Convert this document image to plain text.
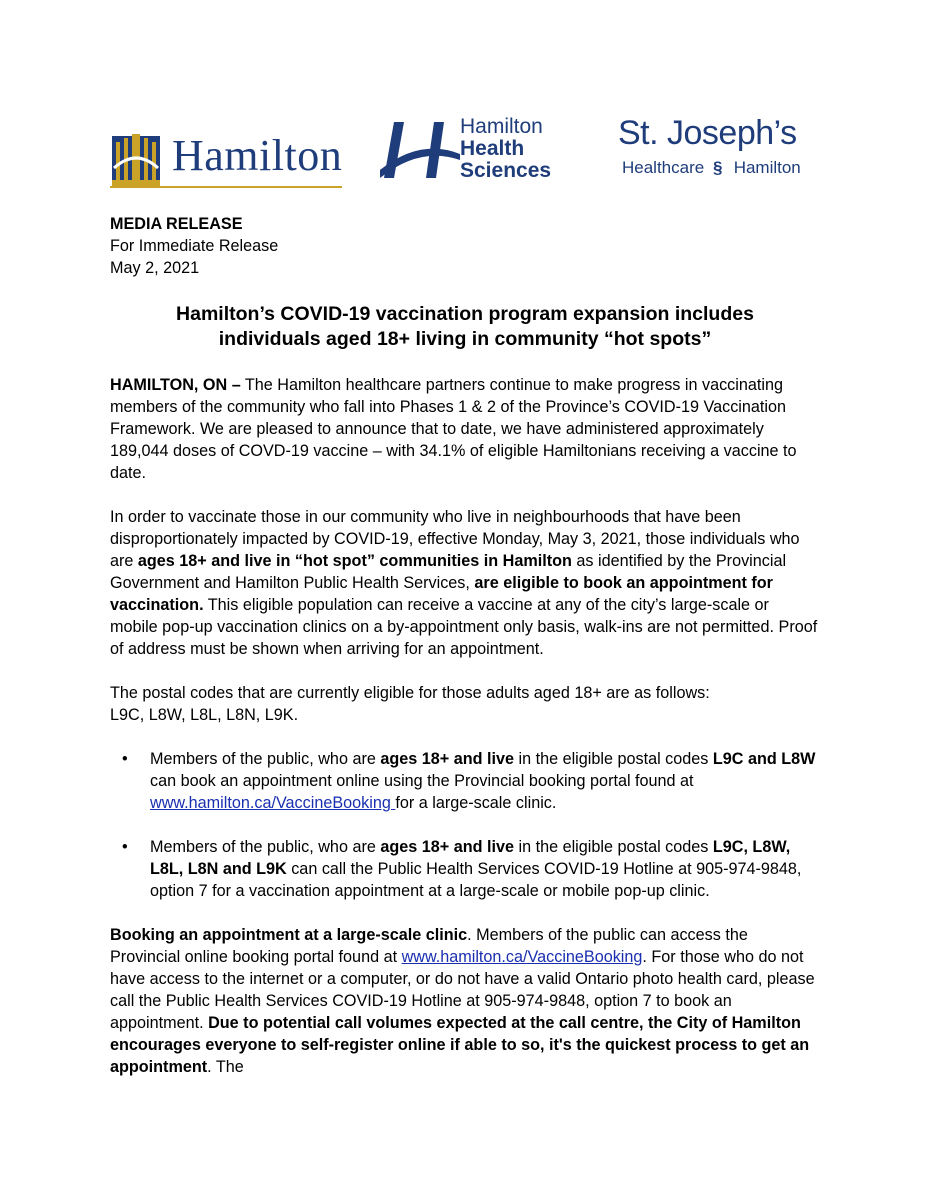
Hamilton
Hamilton
Health
Sciences
St. Joseph’s
Healthcare § Hamilton
MEDIA RELEASE
For Immediate Release
May 2, 2021
Hamilton’s COVID-19 vaccination program expansion includes
individuals aged 18+ living in community “hot spots”

HAMILTON, ON – The Hamilton healthcare partners continue to make progress in vaccinating members of the community who fall into Phases 1 & 2 of the Province’s COVID-19 Vaccination Framework. We are pleased to announce that to date, we have administered approximately 189,044 doses of COVD-19 vaccine – with 34.1% of eligible Hamiltonians receiving a vaccine to date.

In order to vaccinate those in our community who live in neighbourhoods that have been disproportionately impacted by COVID-19, effective Monday, May 3, 2021, those individuals who are ages 18+ and live in “hot spot” communities in Hamilton as identified by the Provincial Government and Hamilton Public Health Services, are eligible to book an appointment for vaccination. This eligible population can receive a vaccine at any of the city’s large-scale or mobile pop-up vaccination clinics on a by-appointment only basis, walk-ins are not permitted. Proof of address must be shown when arriving for an appointment.

The postal codes that are currently eligible for those adults aged 18+ are as follows:
L9C, L8W, L8L, L8N, L9K.

• Members of the public, who are ages 18+ and live in the eligible postal codes L9C and L8W can book an appointment online using the Provincial booking portal found at www.hamilton.ca/VaccineBooking for a large-scale clinic.
• Members of the public, who are ages 18+ and live in the eligible postal codes L9C, L8W, L8L, L8N and L9K can call the Public Health Services COVID-19 Hotline at 905-974-9848, option 7 for a vaccination appointment at a large-scale or mobile pop-up clinic.

Booking an appointment at a large-scale clinic. Members of the public can access the Provincial online booking portal found at www.hamilton.ca/VaccineBooking. For those who do not have access to the internet or a computer, or do not have a valid Ontario photo health card, please call the Public Health Services COVID-19 Hotline at 905-974-9848, option 7 to book an appointment. Due to potential call volumes expected at the call centre, the City of Hamilton encourages everyone to self-register online if able to so, it's the quickest process to get an appointment. The
